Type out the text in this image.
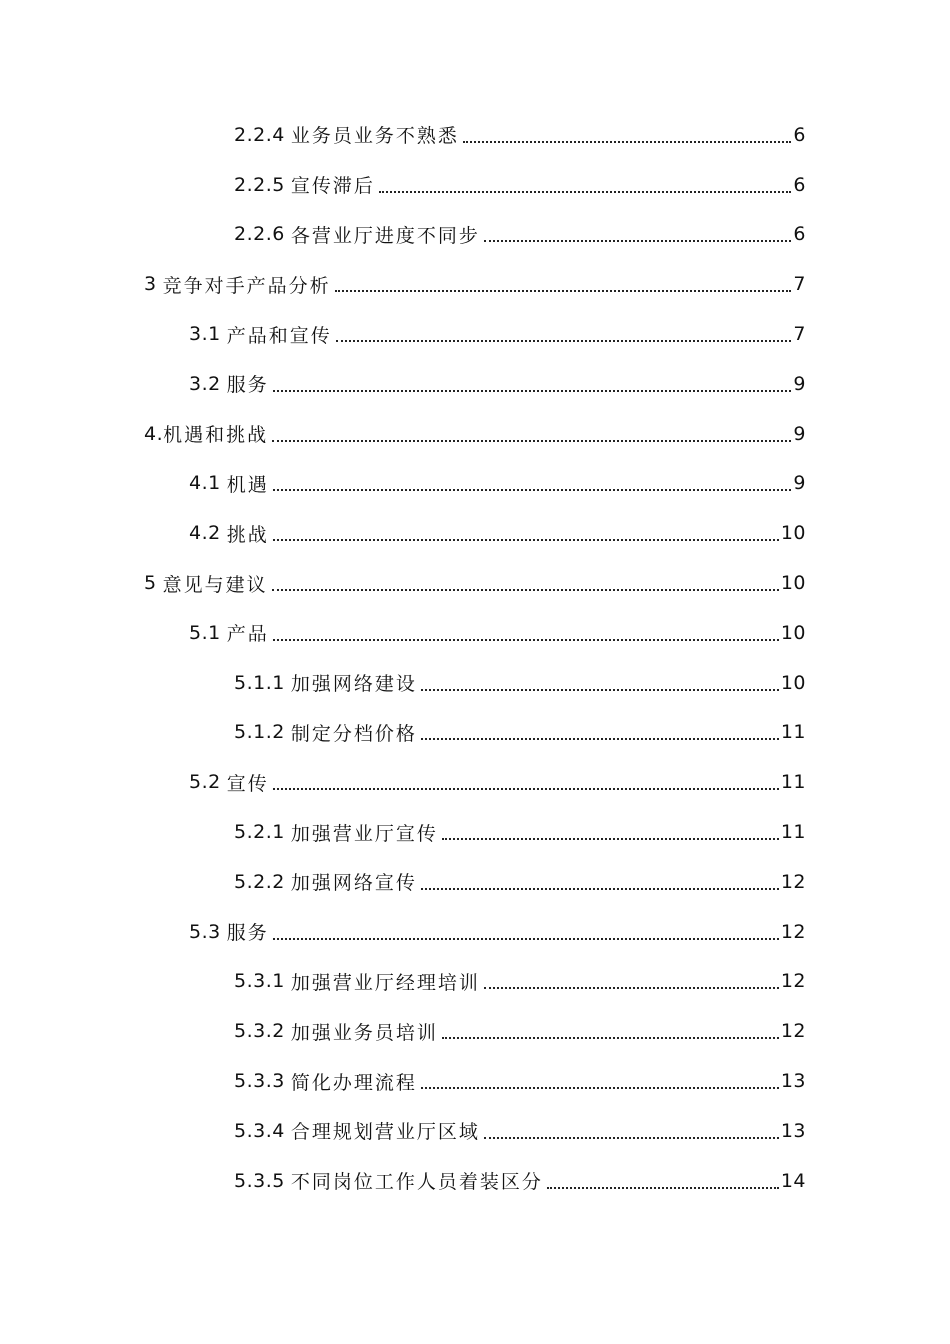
2.2.4 业务员业务不熟悉	6
2.2.5 宣传滞后	6
2.2.6 各营业厅进度不同步	6
3 竞争对手产品分析	7
3.1 产品和宣传	7
3.2 服务	9
4. 机遇和挑战	9
4.1 机遇	9
4.2 挑战	10
5 意见与建议	10
5.1 产品	10
5.1.1 加强网络建设	10
5.1.2 制定分档价格	11
5.2 宣传	11
5.2.1 加强营业厅宣传	11
5.2.2 加强网络宣传	12
5.3 服务	12
5.3.1 加强营业厅经理培训	12
5.3.2 加强业务员培训	12
5.3.3 简化办理流程	13
5.3.4 合理规划营业厅区域	13
5.3.5 不同岗位工作人员着装区分	14
